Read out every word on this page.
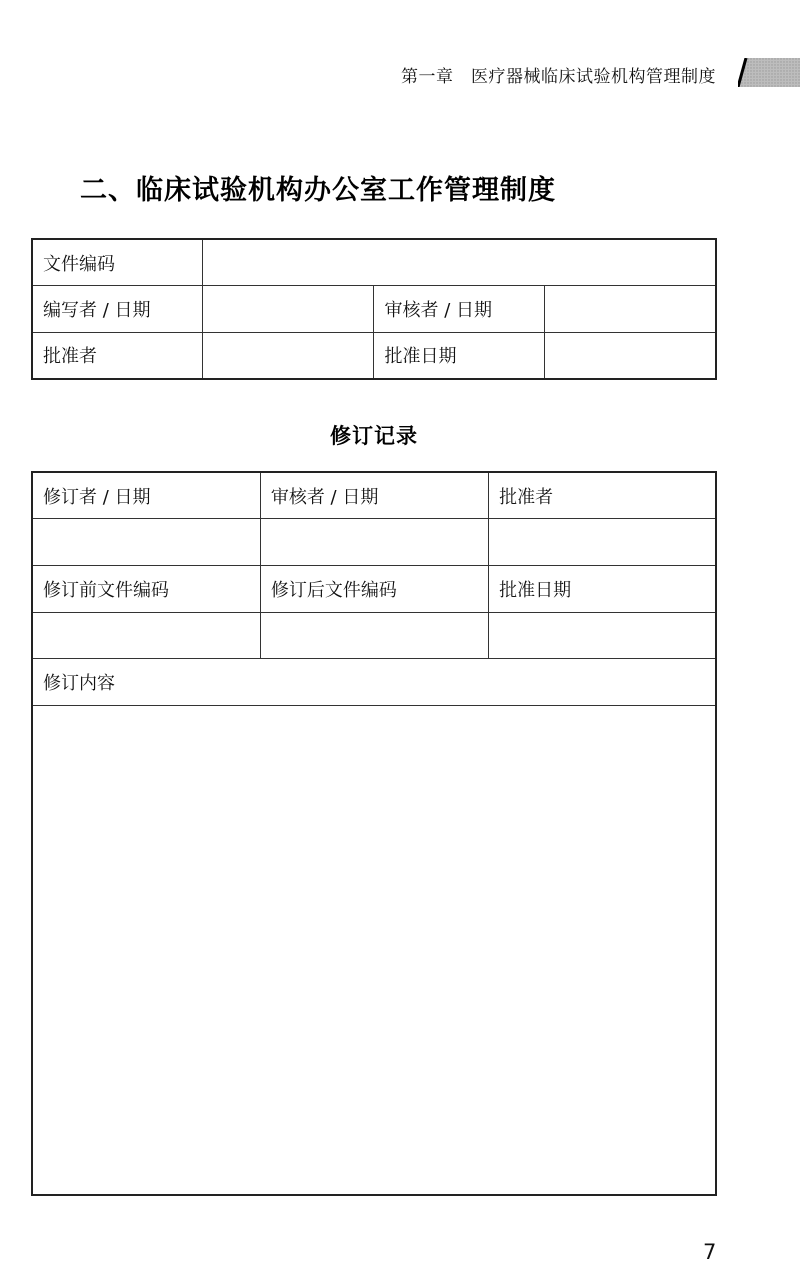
第一章　医疗器械临床试验机构管理制度
二、临床试验机构办公室工作管理制度
文件编码			
编写者 / 日期		审核者 / 日期	
批准者		批准日期	
修订记录
修订者 / 日期	审核者 / 日期	批准者

修订前文件编码	修订后文件编码	批准日期

修订内容		

7
